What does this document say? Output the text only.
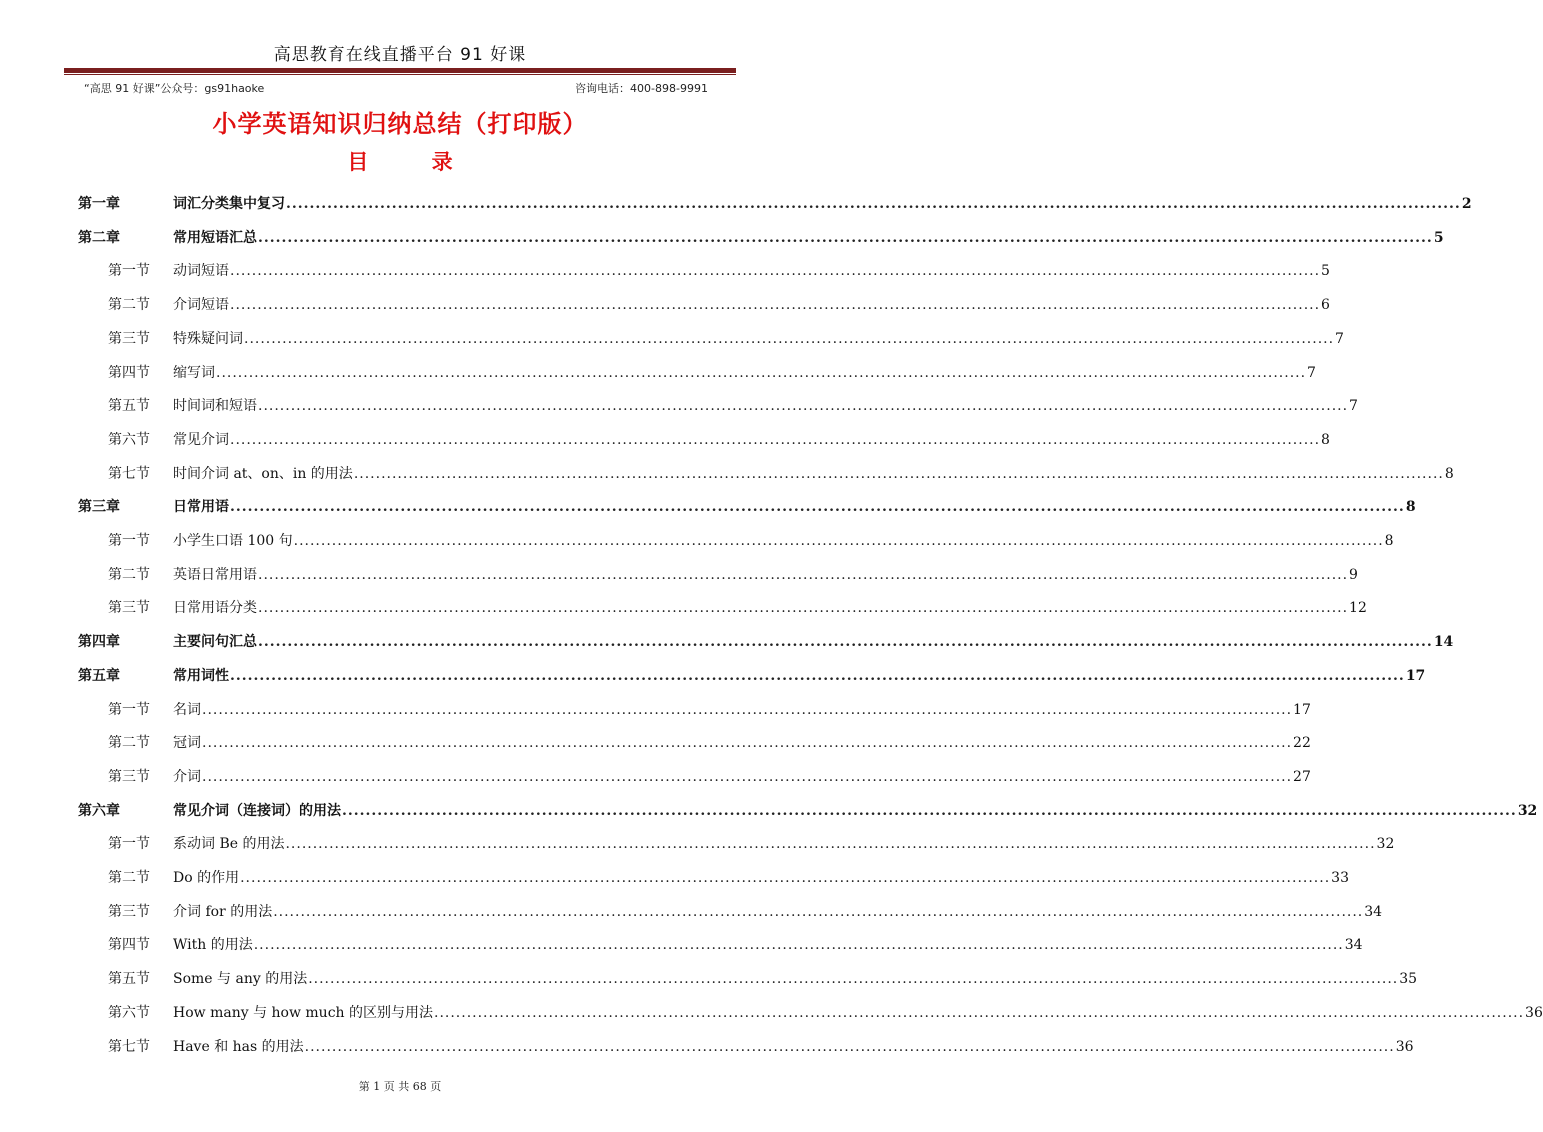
高思教育在线直播平台 91 好课
“高思 91 好课”公众号：gs91haoke	咨询电话：400-898-9991
小学英语知识归纳总结（打印版）
目 录
第一章	词汇分类集中复习 ........................................................................................................................................................................................................ 2
第二章	常用短语汇总 ........................................................................................................................................................................................................ 5
第一节 动词短语 ........................................................................................................................................................................................................ 5
第二节 介词短语 ........................................................................................................................................................................................................ 6
第三节 特殊疑问词 ........................................................................................................................................................................................................ 7
第四节 缩写词 ........................................................................................................................................................................................................ 7
第五节 时间词和短语 ........................................................................................................................................................................................................ 7
第六节 常见介词 ........................................................................................................................................................................................................ 8
第七节 时间介词 at、on、in 的用法 ........................................................................................................................................................................................................ 8
第三章	日常用语 ........................................................................................................................................................................................................ 8
第一节 小学生口语 100 句 ........................................................................................................................................................................................................ 8
第二节 英语日常用语 ........................................................................................................................................................................................................ 9
第三节 日常用语分类 ........................................................................................................................................................................................................ 12
第四章	主要问句汇总 ........................................................................................................................................................................................................ 14
第五章	常用词性 ........................................................................................................................................................................................................ 17
第一节 名词 ........................................................................................................................................................................................................ 17
第二节 冠词 ........................................................................................................................................................................................................ 22
第三节 介词 ........................................................................................................................................................................................................ 27
第六章	常见介词（连接词）的用法 ........................................................................................................................................................................................................ 32
第一节 系动词 Be 的用法 ........................................................................................................................................................................................................ 32
第二节 Do 的作用 ........................................................................................................................................................................................................ 33
第三节 介词 for 的用法 ........................................................................................................................................................................................................ 34
第四节 With 的用法 ........................................................................................................................................................................................................ 34
第五节 Some 与 any 的用法 ........................................................................................................................................................................................................ 35
第六节 How many 与 how much 的区别与用法 ........................................................................................................................................................................................................ 36
第七节 Have 和 has 的用法 ........................................................................................................................................................................................................ 36
第 1 页 共 68 页
